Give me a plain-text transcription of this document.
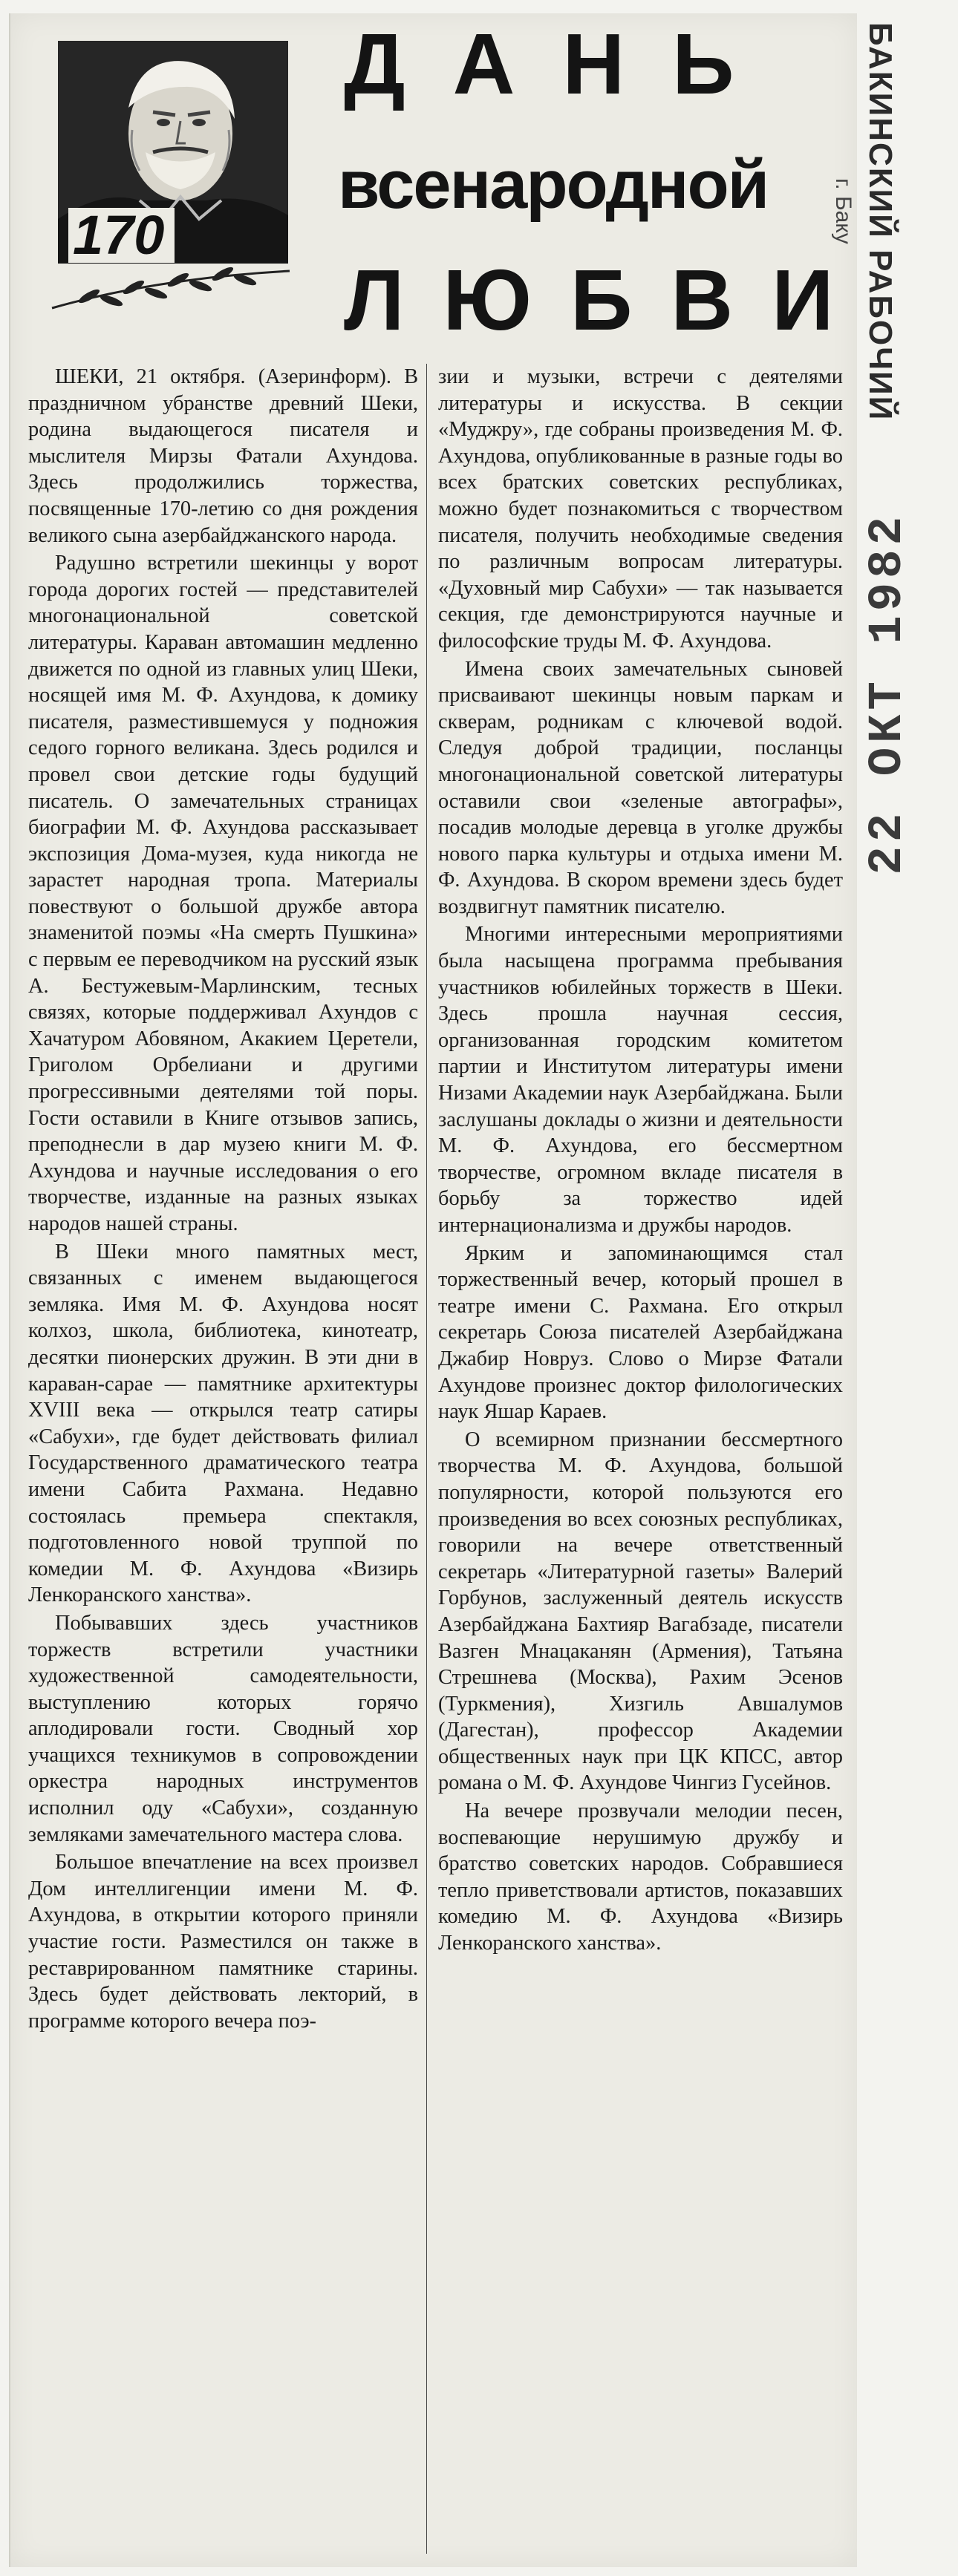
170
ДАНЬ
всенародной
ЛЮБВИ
БАКИНСКИЙ РАБОЧИЙ
г. Баку
22 ОКТ 1982

ШЕКИ, 21 октября. (Азеринформ). В праздничном убранстве древний Шеки, родина выдающегося писателя и мыслителя Мирзы Фатали Ахундова. Здесь продолжились торжества, посвященные 170-летию со дня рождения великого сына азербайджанского народа.

Радушно встретили шекинцы у ворот города дорогих гостей — представителей многонациональной советской литературы. Караван автомашин медленно движется по одной из главных улиц Шеки, носящей имя М. Ф. Ахундова, к домику писателя, разместившемуся у подножия седого горного великана. Здесь родился и провел свои детские годы будущий писатель. О замечательных страницах биографии М. Ф. Ахундова рассказывает экспозиция Дома-музея, куда никогда не зарастет народная тропа. Материалы повествуют о большой дружбе автора знаменитой поэмы «На смерть Пушкина» с первым ее переводчиком на русский язык А. Бестужевым-Марлинским, тесных связях, которые поддерживал Ахундов с Хачатуром Абовяном, Акакием Церетели, Григолом Орбелиани и другими прогрессивными деятелями той поры. Гости оставили в Книге отзывов запись, преподнесли в дар музею книги М. Ф. Ахундова и научные исследования о его творчестве, изданные на разных языках народов нашей страны.

В Шеки много памятных мест, связанных с именем выдающегося земляка. Имя М. Ф. Ахундова носят колхоз, школа, библиотека, кинотеатр, десятки пионерских дружин. В эти дни в караван-сарае — памятнике архитектуры XVIII века — открылся театр сатиры «Сабухи», где будет действовать филиал Государственного драматического театра имени Сабита Рахмана. Недавно состоялась премьера спектакля, подготовленного новой труппой по комедии М. Ф. Ахундова «Визирь Ленкоранского ханства».

Побывавших здесь участников торжеств встретили участники художественной самодеятельности, выступлению которых горячо аплодировали гости. Сводный хор учащихся техникумов в сопровождении оркестра народных инструментов исполнил оду «Сабухи», созданную земляками замечательного мастера слова.

Большое впечатление на всех произвел Дом интеллигенции имени М. Ф. Ахундова, в открытии которого приняли участие гости. Разместился он также в реставрированном памятнике старины. Здесь будет действовать лекторий, в программе которого вечера поэ-

зии и музыки, встречи с деятелями литературы и искусства. В секции «Муджру», где собраны произведения М. Ф. Ахундова, опубликованные в разные годы во всех братских советских республиках, можно будет познакомиться с творчеством писателя, получить необходимые сведения по различным вопросам литературы. «Духовный мир Сабухи» — так называется секция, где демонстрируются научные и философские труды М. Ф. Ахундова.

Имена своих замечательных сыновей присваивают шекинцы новым паркам и скверам, родникам с ключевой водой. Следуя доброй традиции, посланцы многонациональной советской литературы оставили свои «зеленые автографы», посадив молодые деревца в уголке дружбы нового парка культуры и отдыха имени М. Ф. Ахундова. В скором времени здесь будет воздвигнут памятник писателю.

Многими интересными мероприятиями была насыщена программа пребывания участников юбилейных торжеств в Шеки. Здесь прошла научная сессия, организованная городским комитетом партии и Институтом литературы имени Низами Академии наук Азербайджана. Были заслушаны доклады о жизни и деятельности М. Ф. Ахундова, его бессмертном творчестве, огромном вкладе писателя в борьбу за торжество идей интернационализма и дружбы народов.

Ярким и запоминающимся стал торжественный вечер, который прошел в театре имени С. Рахмана. Его открыл секретарь Союза писателей Азербайджана Джабир Новруз. Слово о Мирзе Фатали Ахундове произнес доктор филологических наук Яшар Караев.

О всемирном признании бессмертного творчества М. Ф. Ахундова, большой популярности, которой пользуются его произведения во всех союзных республиках, говорили на вечере ответственный секретарь «Литературной газеты» Валерий Горбунов, заслуженный деятель искусств Азербайджана Бахтияр Вагабзаде, писатели Вазген Мнацаканян (Армения), Татьяна Стрешнева (Москва), Рахим Эсенов (Туркмения), Хизгиль Авшалумов (Дагестан), профессор Академии общественных наук при ЦК КПСС, автор романа о М. Ф. Ахундове Чингиз Гусейнов.

На вечере прозвучали мелодии песен, воспевающие нерушимую дружбу и братство советских народов. Собравшиеся тепло приветствовали артистов, показавших комедию М. Ф. Ахундова «Визирь Ленкоранского ханства».
